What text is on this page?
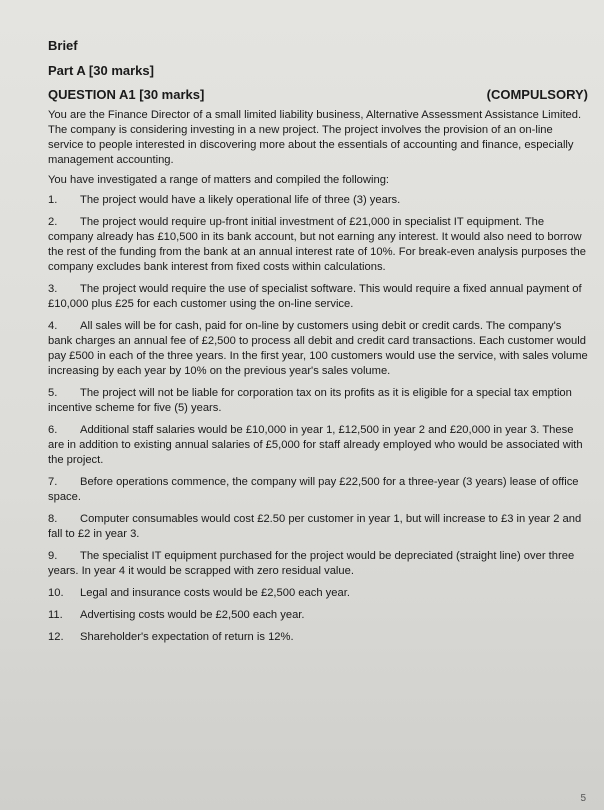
Brief
Part A [30 marks]
QUESTION A1 [30 marks]	(COMPULSORY)

You are the Finance Director of a small limited liability business, Alternative Assessment Assistance Limited. The company is considering investing in a new project. The project involves the provision of an on-line service to people interested in discovering more about the essentials of accounting and finance, especially management accounting.

You have investigated a range of matters and compiled the following:

1. The project would have a likely operational life of three (3) years.

2. The project would require up-front initial investment of £21,000 in specialist IT equipment. The company already has £10,500 in its bank account, but not earning any interest. It would also need to borrow the rest of the funding from the bank at an annual interest rate of 10%. For break-even analysis purposes the company excludes bank interest from fixed costs within calculations.

3. The project would require the use of specialist software. This would require a fixed annual payment of £10,000 plus £25 for each customer using the on-line service.

4. All sales will be for cash, paid for on-line by customers using debit or credit cards. The company's bank charges an annual fee of £2,500 to process all debit and credit card transactions. Each customer would pay £500 in each of the three years. In the first year, 100 customers would use the service, with sales volume increasing by each year by 10% on the previous year's sales volume.

5. The project will not be liable for corporation tax on its profits as it is eligible for a special tax emption incentive scheme for five (5) years.

6. Additional staff salaries would be £10,000 in year 1, £12,500 in year 2 and £20,000 in year 3. These are in addition to existing annual salaries of £5,000 for staff already employed who would be associated with the project.

7. Before operations commence, the company will pay £22,500 for a three-year (3 years) lease of office space.

8. Computer consumables would cost £2.50 per customer in year 1, but will increase to £3 in year 2 and fall to £2 in year 3.

9. The specialist IT equipment purchased for the project would be depreciated (straight line) over three years. In year 4 it would be scrapped with zero residual value.

10. Legal and insurance costs would be £2,500 each year.

11. Advertising costs would be £2,500 each year.

12. Shareholder's expectation of return is 12%.

5
